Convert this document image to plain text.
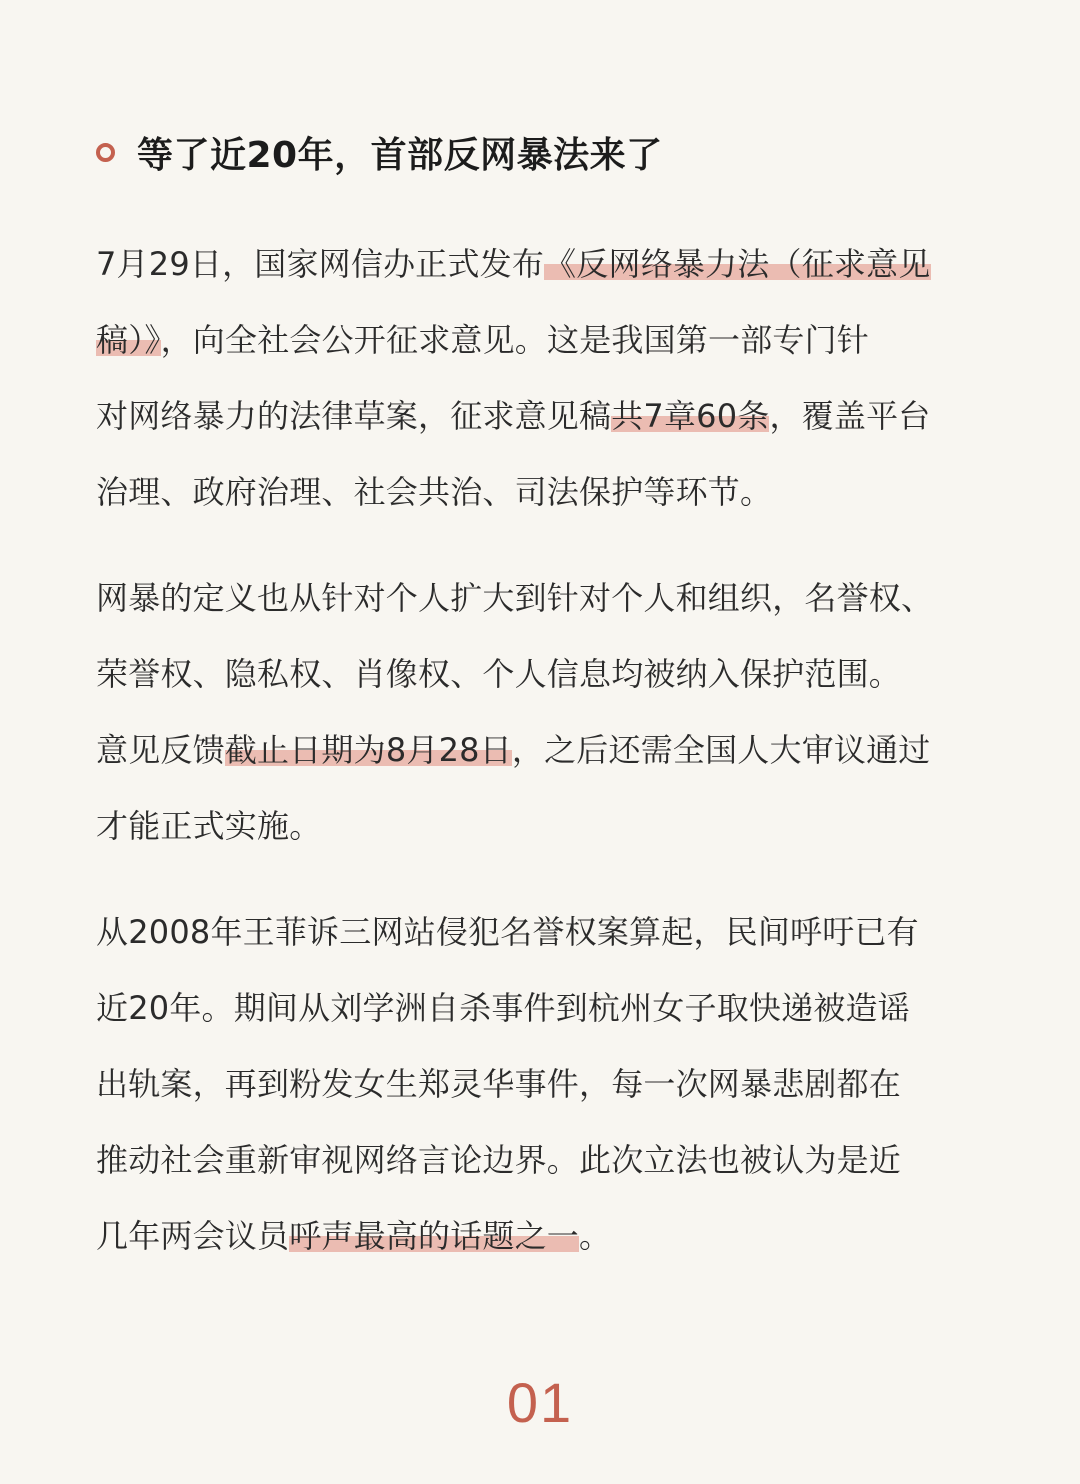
等了近20年，首部反网暴法来了
7月29日，国家网信办正式发布《反网络暴力法（征求意见
稿）》，向全社会公开征求意见。这是我国第一部专门针
对网络暴力的法律草案，征求意见稿共7章60条，覆盖平台
治理、政府治理、社会共治、司法保护等环节。
网暴的定义也从针对个人扩大到针对个人和组织，名誉权、
荣誉权、隐私权、肖像权、个人信息均被纳入保护范围。
意见反馈截止日期为8月28日，之后还需全国人大审议通过
才能正式实施。
从2008年王菲诉三网站侵犯名誉权案算起，民间呼吁已有
近20年。期间从刘学洲自杀事件到杭州女子取快递被造谣
出轨案，再到粉发女生郑灵华事件，每一次网暴悲剧都在
推动社会重新审视网络言论边界。此次立法也被认为是近
几年两会议员呼声最高的话题之一。
01
